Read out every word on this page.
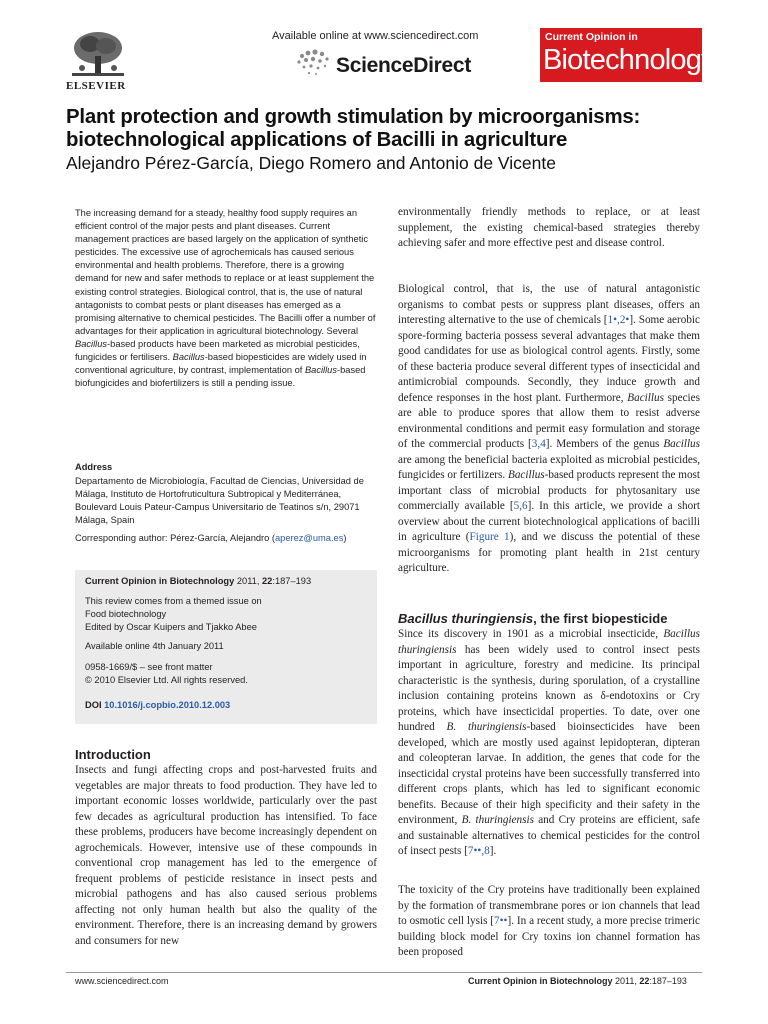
Available online at www.sciencedirect.com
ScienceDirect
ELSEVIER
Current Opinion in
Biotechnology
Plant protection and growth stimulation by microorganisms: biotechnological applications of Bacilli in agriculture
Alejandro Pérez-García, Diego Romero and Antonio de Vicente
The increasing demand for a steady, healthy food supply requires an efficient control of the major pests and plant diseases. Current management practices are based largely on the application of synthetic pesticides. The excessive use of agrochemicals has caused serious environmental and health problems. Therefore, there is a growing demand for new and safer methods to replace or at least supplement the existing control strategies. Biological control, that is, the use of natural antagonists to combat pests or plant diseases has emerged as a promising alternative to chemical pesticides. The Bacilli offer a number of advantages for their application in agricultural biotechnology. Several Bacillus-based products have been marketed as microbial pesticides, fungicides or fertilisers. Bacillus-based biopesticides are widely used in conventional agriculture, by contrast, implementation of Bacillus-based biofungicides and biofertilizers is still a pending issue.
Address
Departamento de Microbiología, Facultad de Ciencias, Universidad de Málaga, Instituto de Hortofruticultura Subtropical y Mediterránea, Boulevard Louis Pateur-Campus Universitario de Teatinos s/n, 29071 Málaga, Spain
Corresponding author: Pérez-García, Alejandro (aperez@uma.es)
Current Opinion in Biotechnology 2011, 22:187–193
This review comes from a themed issue on
Food biotechnology
Edited by Oscar Kuipers and Tjakko Abee
Available online 4th January 2011
0958-1669/$ – see front matter
© 2010 Elsevier Ltd. All rights reserved.
DOI 10.1016/j.copbio.2010.12.003
Introduction
Insects and fungi affecting crops and post-harvested fruits and vegetables are major threats to food production. They have led to important economic losses worldwide, particularly over the past few decades as agricultural production has intensified. To face these problems, producers have become increasingly dependent on agrochemicals. However, intensive use of these compounds in conventional crop management has led to the emergence of frequent problems of pesticide resistance in insect pests and microbial pathogens and has also caused serious problems affecting not only human health but also the quality of the environment. Therefore, there is an increasing demand by growers and consumers for new
environmentally friendly methods to replace, or at least supplement, the existing chemical-based strategies thereby achieving safer and more effective pest and disease control.
Biological control, that is, the use of natural antagonistic organisms to combat pests or suppress plant diseases, offers an interesting alternative to the use of chemicals [1•,2•]. Some aerobic spore-forming bacteria possess several advantages that make them good candidates for use as biological control agents. Firstly, some of these bacteria produce several different types of insecticidal and antimicrobial compounds. Secondly, they induce growth and defence responses in the host plant. Furthermore, Bacillus species are able to produce spores that allow them to resist adverse environmental conditions and permit easy formulation and storage of the commercial products [3,4]. Members of the genus Bacillus are among the beneficial bacteria exploited as microbial pesticides, fungicides or fertilizers. Bacillus-based products represent the most important class of microbial products for phytosanitary use commercially available [5,6]. In this article, we provide a short overview about the current biotechnological applications of bacilli in agriculture (Figure 1), and we discuss the potential of these microorganisms for promoting plant health in 21st century agriculture.
Bacillus thuringiensis, the first biopesticide
Since its discovery in 1901 as a microbial insecticide, Bacillus thuringiensis has been widely used to control insect pests important in agriculture, forestry and medicine. Its principal characteristic is the synthesis, during sporulation, of a crystalline inclusion containing proteins known as δ-endotoxins or Cry proteins, which have insecticidal properties. To date, over one hundred B. thuringiensis-based bioinsecticides have been developed, which are mostly used against lepidopteran, dipteran and coleopteran larvae. In addition, the genes that code for the insecticidal crystal proteins have been successfully transferred into different crops plants, which has led to significant economic benefits. Because of their high specificity and their safety in the environment, B. thuringiensis and Cry proteins are efficient, safe and sustainable alternatives to chemical pesticides for the control of insect pests [7••,8].
The toxicity of the Cry proteins have traditionally been explained by the formation of transmembrane pores or ion channels that lead to osmotic cell lysis [7••]. In a recent study, a more precise trimeric building block model for Cry toxins ion channel formation has been proposed
www.sciencedirect.com	Current Opinion in Biotechnology 2011, 22:187–193
